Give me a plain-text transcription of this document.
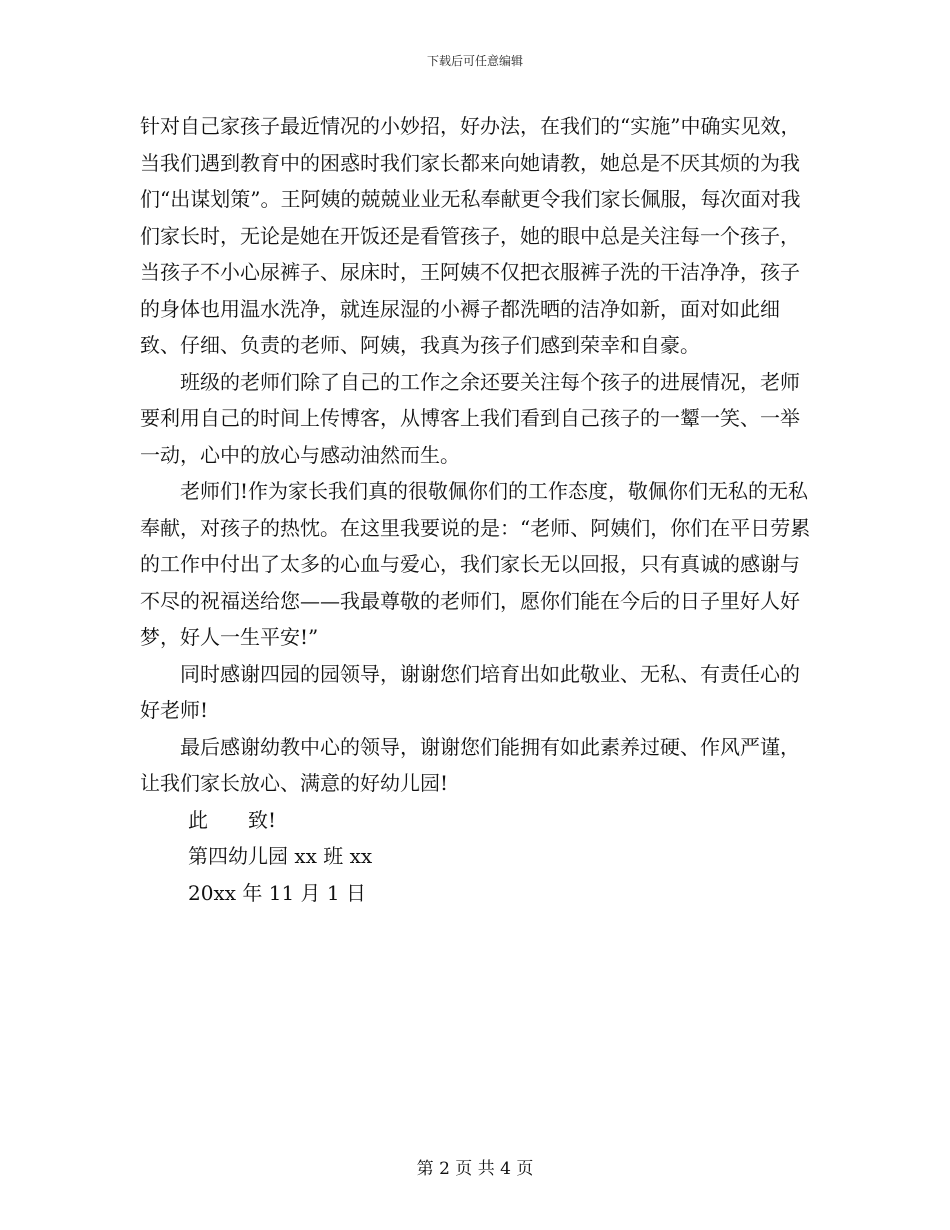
下载后可任意编辑

针对自己家孩子最近情况的小妙招，好办法，在我们的“实施”中确实见效，当我们遇到教育中的困惑时我们家长都来向她请教，她总是不厌其烦的为我们“出谋划策”。王阿姨的兢兢业业无私奉献更令我们家长佩服，每次面对我们家长时，无论是她在开饭还是看管孩子，她的眼中总是关注每一个孩子，当孩子不小心尿裤子、尿床时，王阿姨不仅把衣服裤子洗的干洁净净，孩子的身体也用温水洗净，就连尿湿的小褥子都洗晒的洁净如新，面对如此细致、仔细、负责的老师、阿姨，我真为孩子们感到荣幸和自豪。

班级的老师们除了自己的工作之余还要关注每个孩子的进展情况，老师要利用自己的时间上传博客，从博客上我们看到自己孩子的一颦一笑、一举一动，心中的放心与感动油然而生。

老师们!作为家长我们真的很敬佩你们的工作态度，敬佩你们无私的无私奉献，对孩子的热忱。在这里我要说的是：“老师、阿姨们，你们在平日劳累的工作中付出了太多的心血与爱心，我们家长无以回报，只有真诚的感谢与不尽的祝福送给您——我最尊敬的老师们，愿你们能在今后的日子里好人好梦，好人一生平安!”

同时感谢四园的园领导，谢谢您们培育出如此敬业、无私、有责任心的好老师!

最后感谢幼教中心的领导，谢谢您们能拥有如此素养过硬、作风严谨，让我们家长放心、满意的好幼儿园!

此　　致!

第四幼儿园 xx 班 xx

20xx 年 11 月 1 日

第 2 页 共 4 页
